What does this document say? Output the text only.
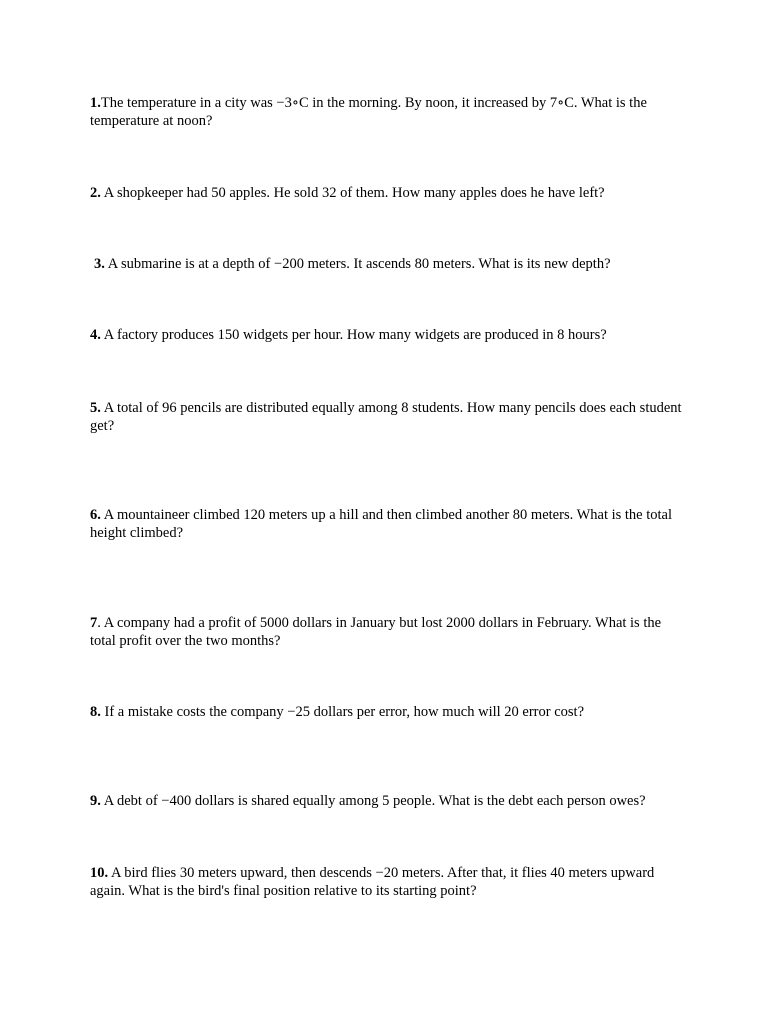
1.The temperature in a city was −3∘C in the morning. By noon, it increased by 7∘C. What is the temperature at noon?

2. A shopkeeper had 50 apples. He sold 32 of them. How many apples does he have left?

3. A submarine is at a depth of −200 meters. It ascends 80 meters. What is its new depth?

4. A factory produces 150 widgets per hour. How many widgets are produced in 8 hours?

5. A total of 96 pencils are distributed equally among 8 students. How many pencils does each student get?

6. A mountaineer climbed 120 meters up a hill and then climbed another 80 meters. What is the total height climbed?

7. A company had a profit of 5000 dollars in January but lost 2000 dollars in February. What is the total profit over the two months?

8. If a mistake costs the company −25 dollars per error, how much will 20 error cost?

9. A debt of −400 dollars is shared equally among 5 people. What is the debt each person owes?

10. A bird flies 30 meters upward, then descends −20 meters. After that, it flies 40 meters upward again. What is the bird's final position relative to its starting point?
